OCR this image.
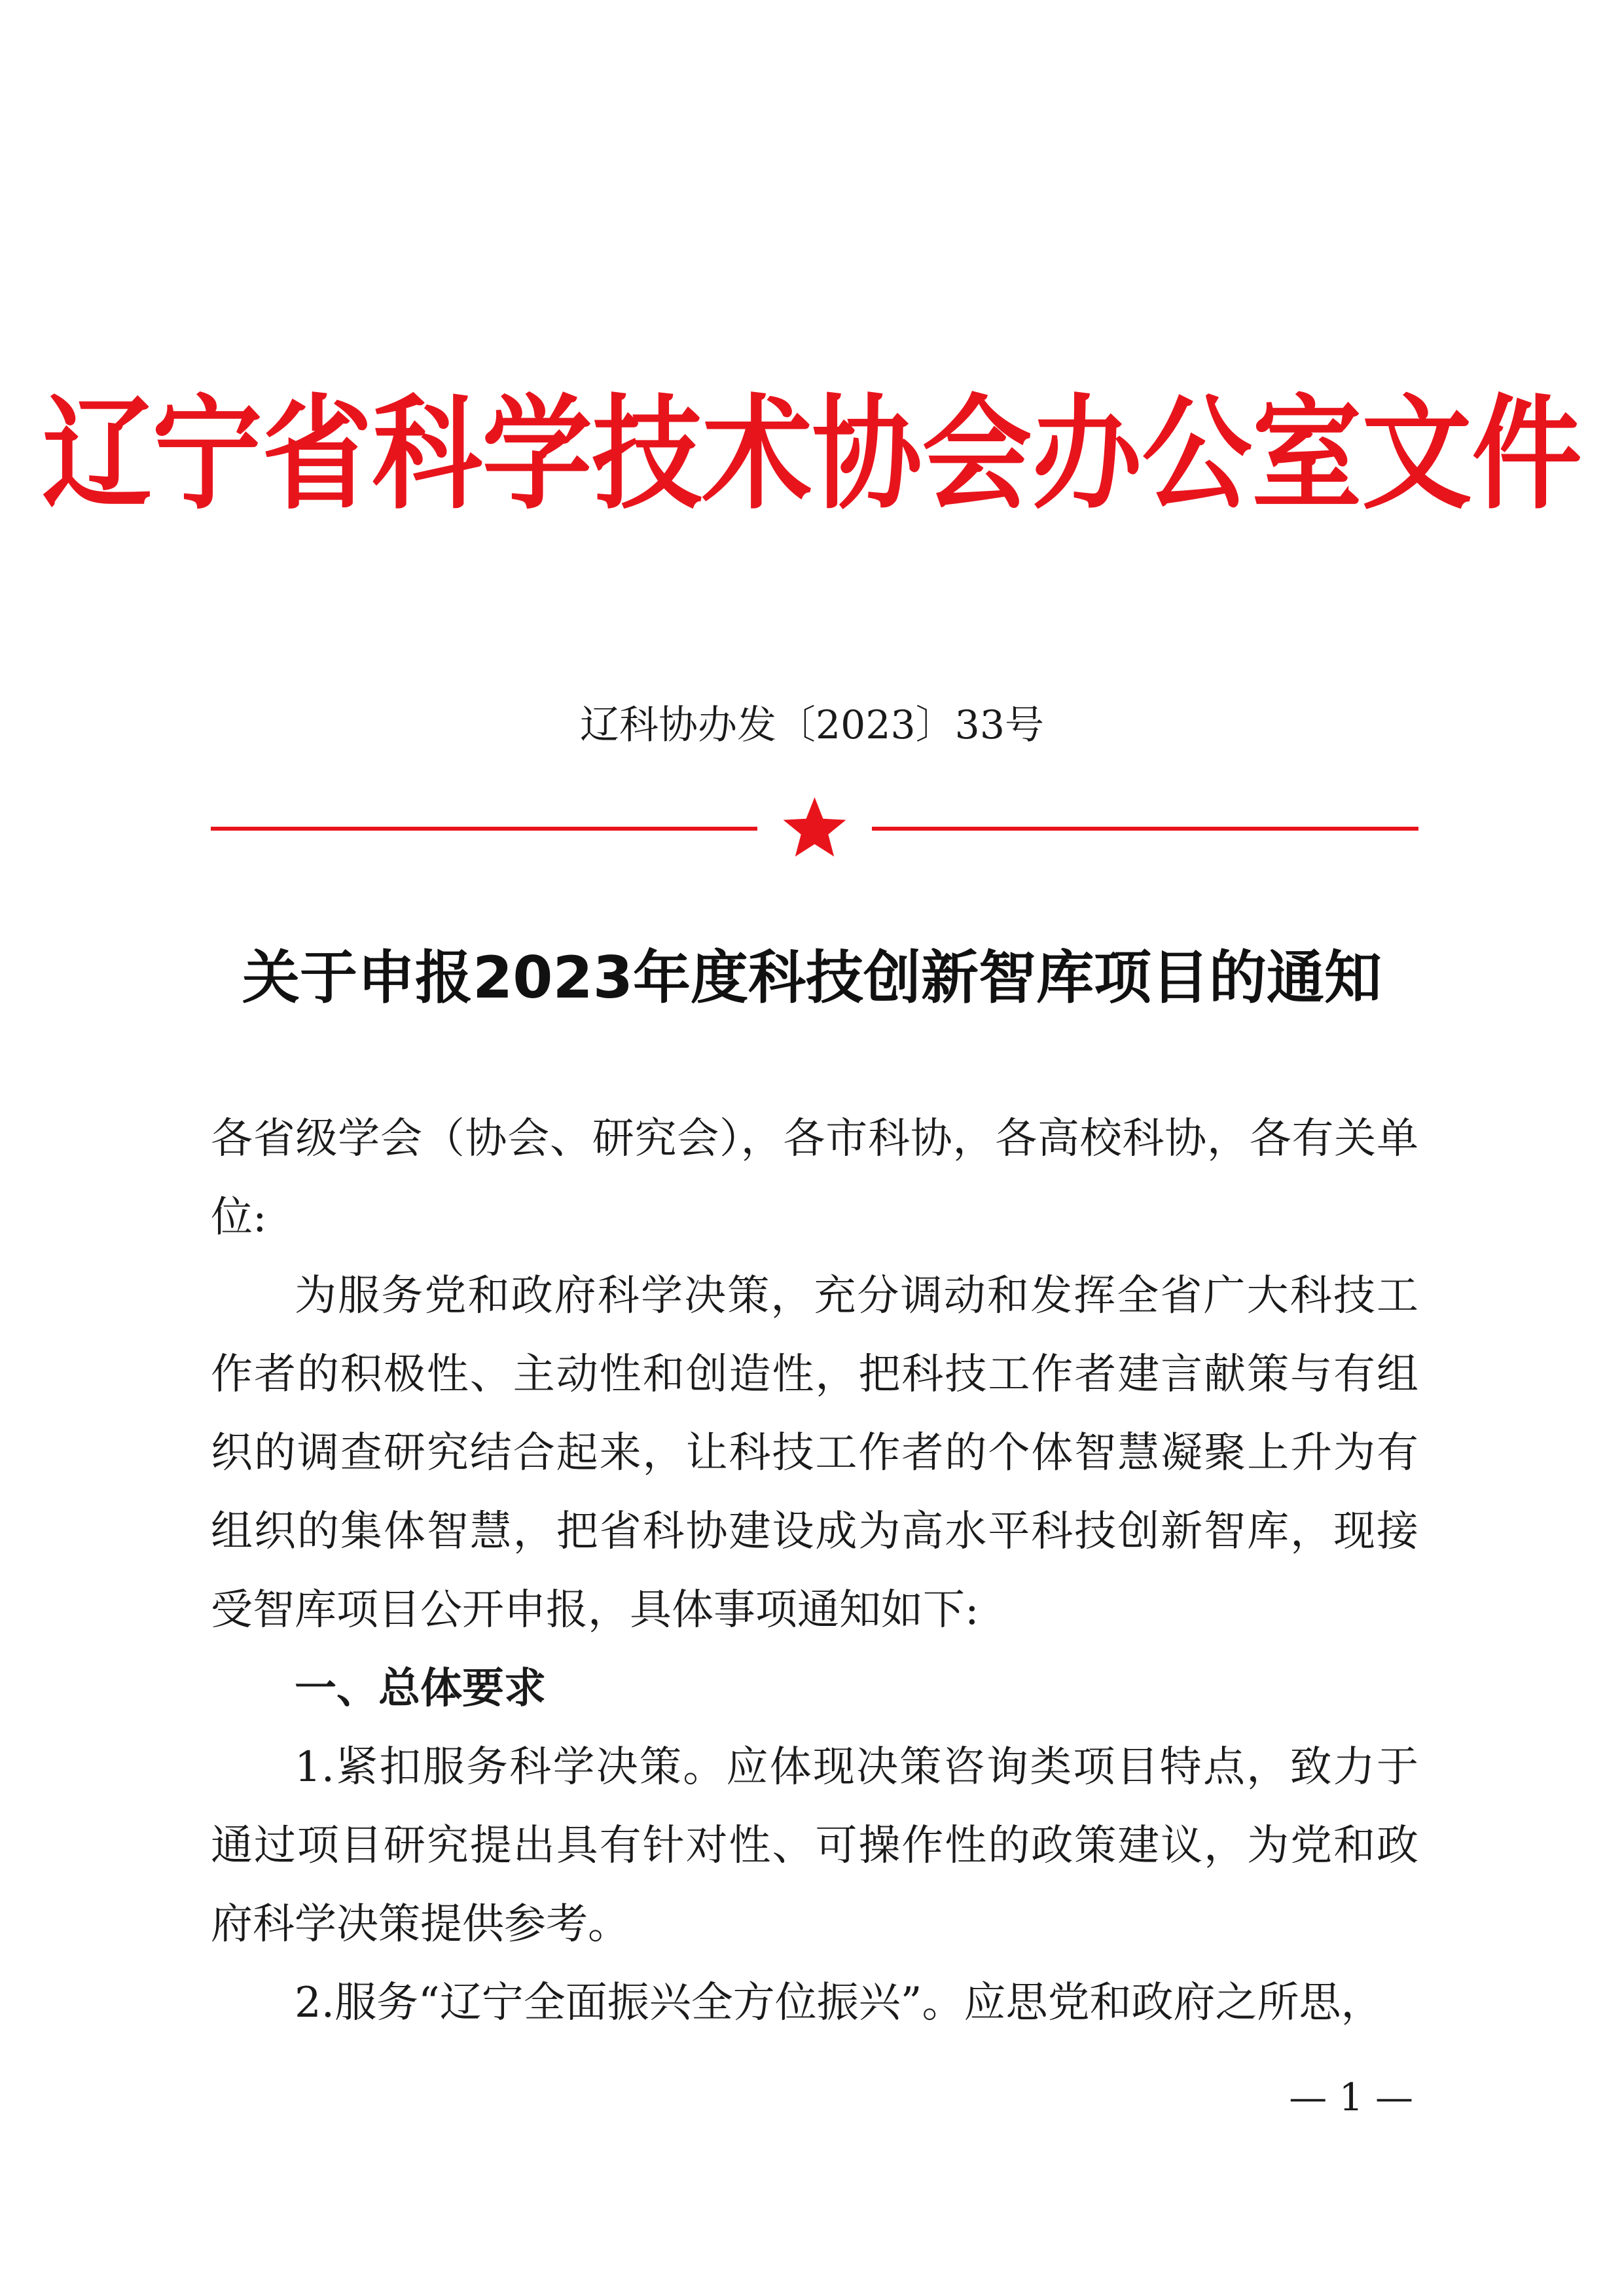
辽宁省科学技术协会办公室文件
辽科协办发〔2023〕33号
关于申报2023年度科技创新智库项目的通知

各省级学会（协会、研究会），各市科协，各高校科协，各有关单位:

为服务党和政府科学决策，充分调动和发挥全省广大科技工作者的积极性、主动性和创造性，把科技工作者建言献策与有组织的调查研究结合起来，让科技工作者的个体智慧凝聚上升为有组织的集体智慧，把省科协建设成为高水平科技创新智库，现接受智库项目公开申报，具体事项通知如下:

一、总体要求

1.紧扣服务科学决策。应体现决策咨询类项目特点，致力于通过项目研究提出具有针对性、可操作性的政策建议，为党和政府科学决策提供参考。

2.服务“辽宁全面振兴全方位振兴”。应思党和政府之所思，

— 1 —
